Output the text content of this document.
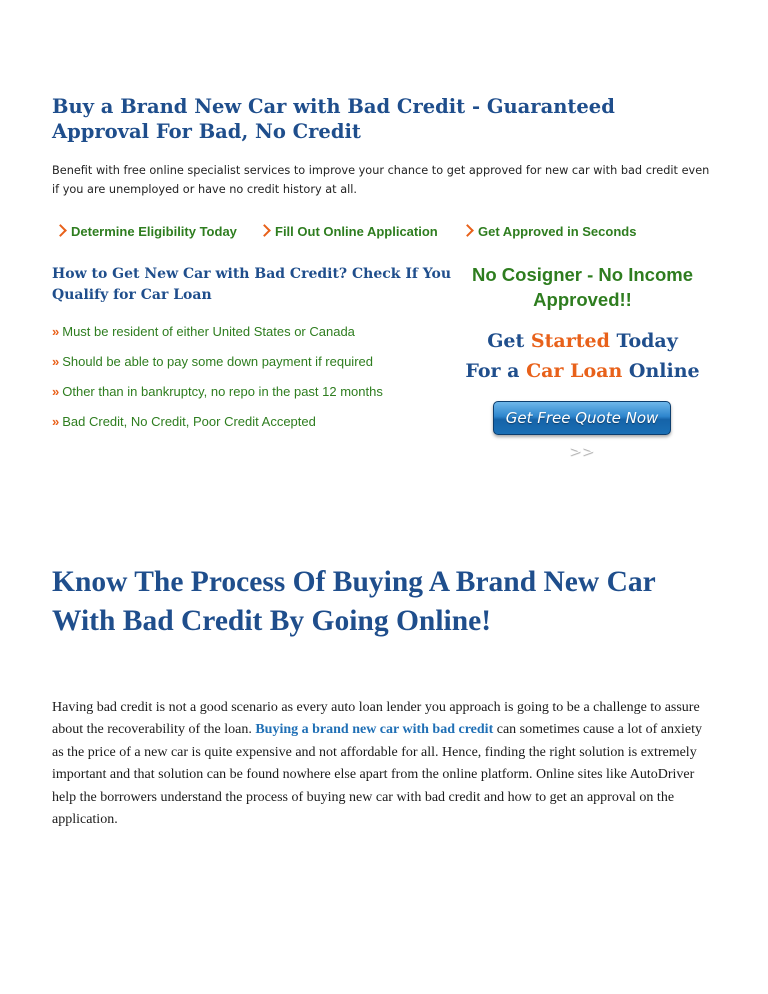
Buy a Brand New Car with Bad Credit - Guaranteed Approval For Bad, No Credit

Benefit with free online specialist services to improve your chance to get approved for new car with bad credit even if you are unemployed or have no credit history at all.

Determine Eligibility Today	Fill Out Online Application	Get Approved in Seconds
How to Get New Car with Bad Credit? Check If You Qualify for Car Loan
» Must be resident of either United States or Canada
» Should be able to pay some down payment if required
» Other than in bankruptcy, no repo in the past 12 months
» Bad Credit, No Credit, Poor Credit Accepted

No Cosigner - No Income Approved!!

Get Started Today
For a Car Loan Online
Get Free Quote Now >>
Know The Process Of Buying A Brand New Car With Bad Credit By Going Online!

Having bad credit is not a good scenario as every auto loan lender you approach is going to be a challenge to assure about the recoverability of the loan. Buying a brand new car with bad credit can sometimes cause a lot of anxiety as the price of a new car is quite expensive and not affordable for all. Hence, finding the right solution is extremely important and that solution can be found nowhere else apart from the online platform. Online sites like AutoDriver help the borrowers understand the process of buying new car with bad credit and how to get an approval on the application.
